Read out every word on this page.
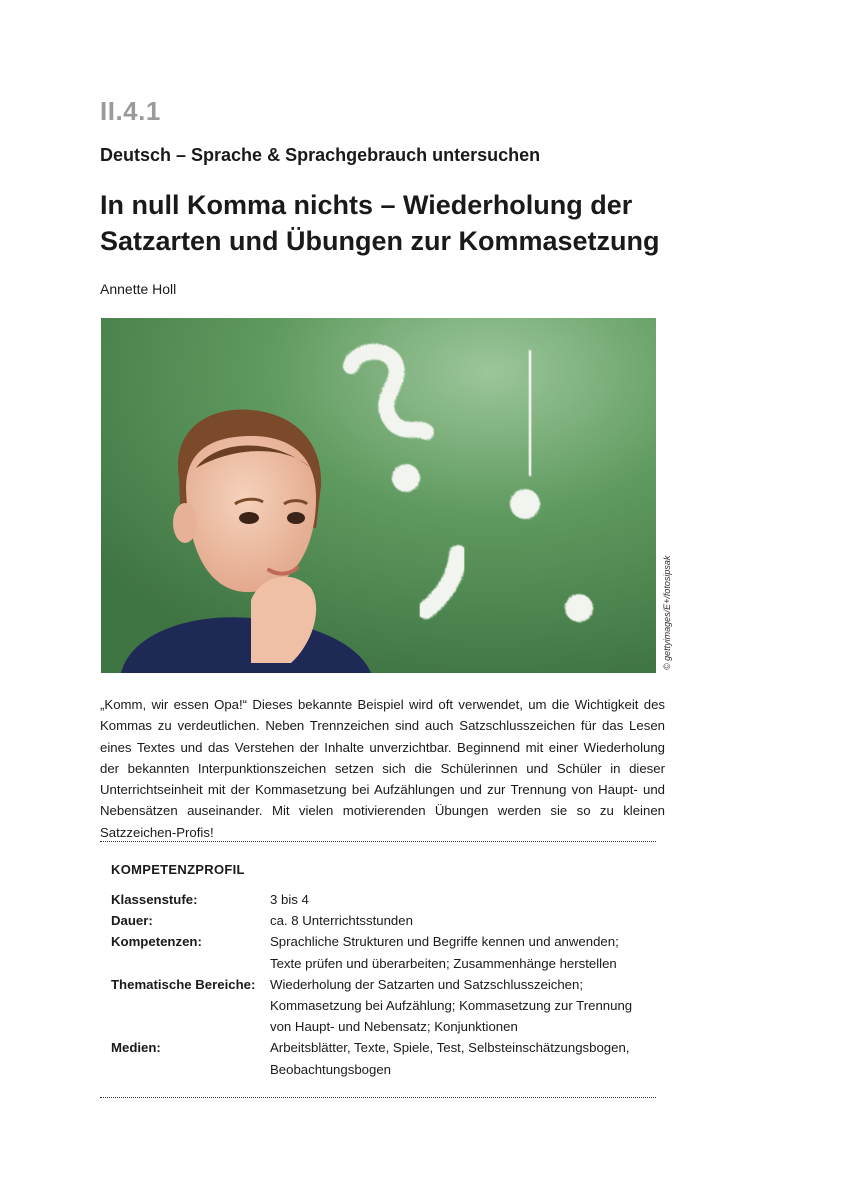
II.4.1
Deutsch – Sprache & Sprachgebrauch untersuchen
In null Komma nichts – Wiederholung der
Satzarten und Übungen zur Kommasetzung
Annette Holl
© gettyimages/E+/fotosipsak

„Komm, wir essen Opa!“ Dieses bekannte Beispiel wird oft verwendet, um die Wichtigkeit des Kommas zu verdeutlichen. Neben Trennzeichen sind auch Satzschlusszeichen für das Lesen eines Textes und das Verstehen der Inhalte unverzichtbar. Beginnend mit einer Wiederholung der bekannten Interpunktionszeichen setzen sich die Schülerinnen und Schüler in dieser Unterrichtseinheit mit der Kommasetzung bei Aufzählungen und zur Trennung von Haupt- und Nebensätzen auseinander. Mit vielen motivierenden Übungen werden sie so zu kleinen Satzzeichen-Profis!

KOMPETENZPROFIL
Klassenstufe:	3 bis 4
Dauer:	ca. 8 Unterrichtsstunden
Kompetenzen:	Sprachliche Strukturen und Begriffe kennen und anwenden; Texte prüfen und überarbeiten; Zusammenhänge herstellen
Thematische Bereiche:	Wiederholung der Satzarten und Satzschlusszeichen; Kommasetzung bei Aufzählung; Kommasetzung zur Trennung von Haupt- und Nebensatz; Konjunktionen
Medien:	Arbeitsblätter, Texte, Spiele, Test, Selbsteinschätzungsbogen, Beobachtungsbogen
